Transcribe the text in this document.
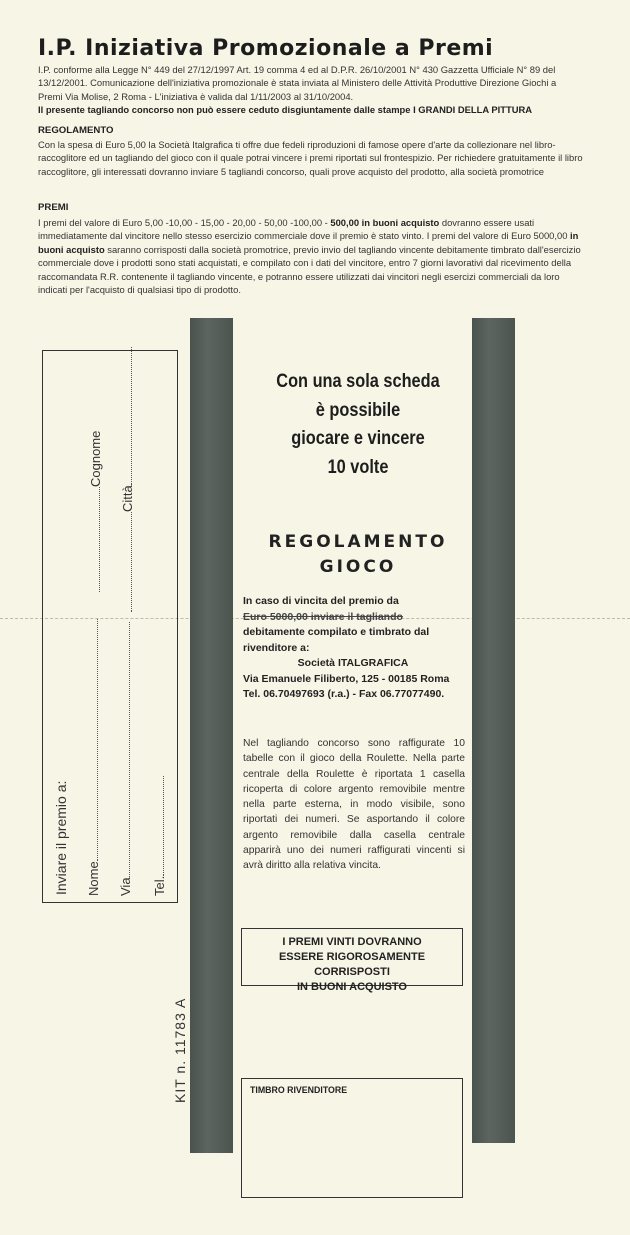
I.P. Iniziativa Promozionale a Premi
I.P. conforme alla Legge N° 449 del 27/12/1997 Art. 19 comma 4 ed al D.P.R. 26/10/2001 N° 430 Gazzetta Ufficiale N° 89 del 13/12/2001. Comunicazione dell'iniziativa promozionale è stata inviata al Ministero delle Attività Produttive Direzione Giochi a Premi Via Molise, 2 Roma - L'iniziativa è valida dal 1/11/2003 al 31/10/2004.
Il presente tagliando concorso non può essere ceduto disgiuntamente dalle stampe I GRANDI DELLA PITTURA
REGOLAMENTO
Con la spesa di Euro 5,00 la Società Italgrafica ti offre due fedeli riproduzioni di famose opere d'arte da collezionare nel libro-raccoglitore ed un tagliando del gioco con il quale potrai vincere i premi riportati sul frontespizio. Per richiedere gratuitamente il libro raccoglitore, gli interessati dovranno inviare 5 tagliandi concorso, quali prove acquisto del prodotto, alla società promotrice
PREMI
I premi del valore di Euro 5,00 -10,00 - 15,00 - 20,00 - 50,00 -100,00 - 500,00 in buoni acquisto dovranno essere usati immediatamente dal vincitore nello stesso esercizio commerciale dove il premio è stato vinto. I premi del valore di Euro 5000,00 in buoni acquisto saranno corrisposti dalla società promotrice, previo invio del tagliando vincente debitamente timbrato dall'esercizio commerciale dove i prodotti sono stati acquistati, e compilato con i dati del vincitore, entro 7 giorni lavorativi dal ricevimento della raccomandata R.R. contenente il tagliando vincente, e potranno essere utilizzati dai vincitori negli esercizi commerciali da loro indicati per l'acquisto di qualsiasi tipo di prodotto.
Cognome
Città
Inviare il premio a: Nome Via Tel.
KIT n. 11783 A
Con una sola scheda
è possibile
giocare e vincere
10 volte
REGOLAMENTO
GIOCO
In caso di vincita del premio da
Euro 5000,00 inviare il tagliando
debitamente compilato e timbrato dal rivenditore a:
Società ITALGRAFICA
Via Emanuele Filiberto, 125 - 00185 Roma
Tel. 06.70497693 (r.a.) - Fax 06.77077490.
Nel tagliando concorso sono raffigurate 10 tabelle con il gioco della Roulette. Nella parte centrale della Roulette è riportata 1 casella ricoperta di colore argento removibile mentre nella parte esterna, in modo visibile, sono riportati dei numeri. Se asportando il colore argento removibile dalla casella centrale apparirà uno dei numeri raffigurati vincenti si avrà diritto alla relativa vincita.
I PREMI VINTI DOVRANNO
ESSERE RIGOROSAMENTE
CORRISPOSTI
IN BUONI ACQUISTO
TIMBRO RIVENDITORE
